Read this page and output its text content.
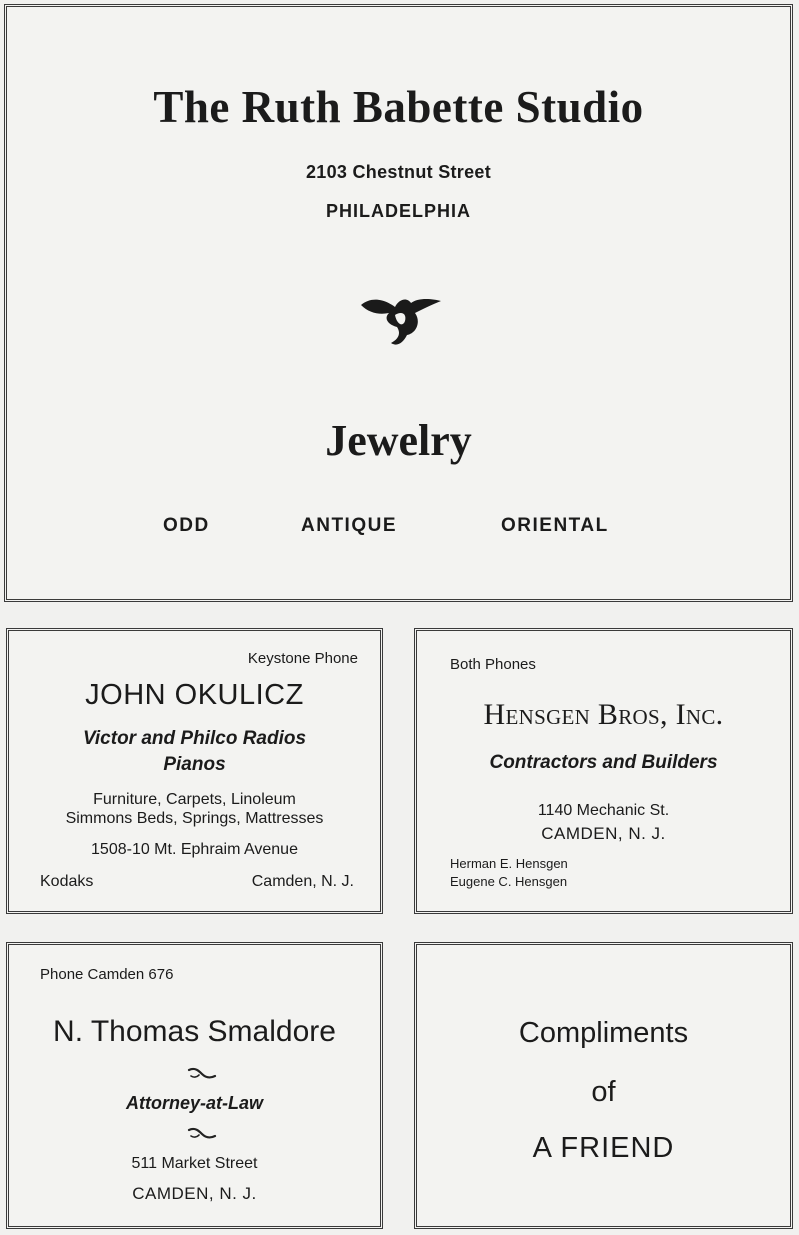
The Ruth Babette Studio
2103 Chestnut Street
PHILADELPHIA
Jewelry
ODD	ANTIQUE	ORIENTAL
Keystone Phone
JOHN OKULICZ
Victor and Philco Radios
Pianos
Furniture, Carpets, Linoleum
Simmons Beds, Springs, Mattresses
1508-10 Mt. Ephraim Avenue
Kodaks	Camden, N. J.
Both Phones
Hensgen Bros, Inc.
Contractors and Builders
1140 Mechanic St.
CAMDEN, N. J.
Herman E. Hensgen
Eugene C. Hensgen
Phone Camden 676
N. Thomas Smaldore
Attorney-at-Law
511 Market Street
CAMDEN, N. J.
Compliments
of
A FRIEND
